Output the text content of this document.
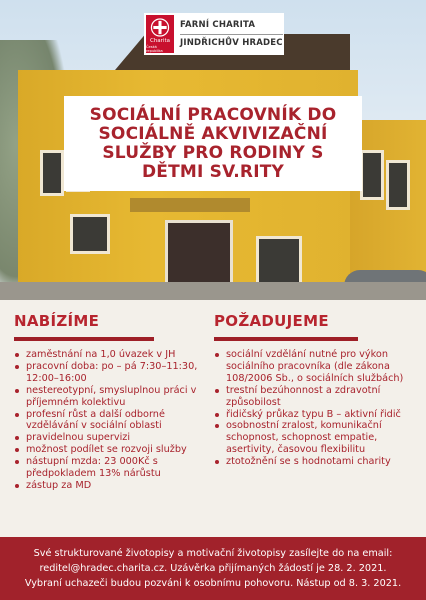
Charita
Česká republika
FARNÍ CHARITA
JINDŘICHŮV HRADEC
SOCIÁLNÍ PRACOVNÍK DO SOCIÁLNĚ AKVIVIZAČNÍ SLUŽBY PRO RODINY S DĚTMI SV.RITY
NABÍZÍME
zaměstnání na 1,0 úvazek v JH
pracovní doba: po – pá 7:30–11:30, 12:00–16:00
nestereotypní, smysluplnou práci v příjemném kolektivu
profesní růst a další odborné vzdělávání v sociální oblasti
pravidelnou supervizi
možnost podílet se rozvoji služby
nástupní mzda: 23 000Kč s předpokladem 13% nárůstu
zástup za MD
POŽADUJEME
sociální vzdělání nutné pro výkon sociálního pracovníka (dle zákona 108/2006 Sb., o sociálních službách)
trestní bezúhonnost a zdravotní způsobilost
řidičský průkaz typu B – aktivní řidič
osobnostní zralost, komunikační schopnost, schopnost empatie, asertivity, časovou flexibilitu
ztotožnění se s hodnotami charity

Své strukturované životopisy a motivační životopisy zasílejte do na email: reditel@hradec.charita.cz. Uzávěrka přijímaných žádostí je 28. 2. 2021.

Vybraní uchazeči budou pozváni k osobnímu pohovoru. Nástup od 8. 3. 2021.
